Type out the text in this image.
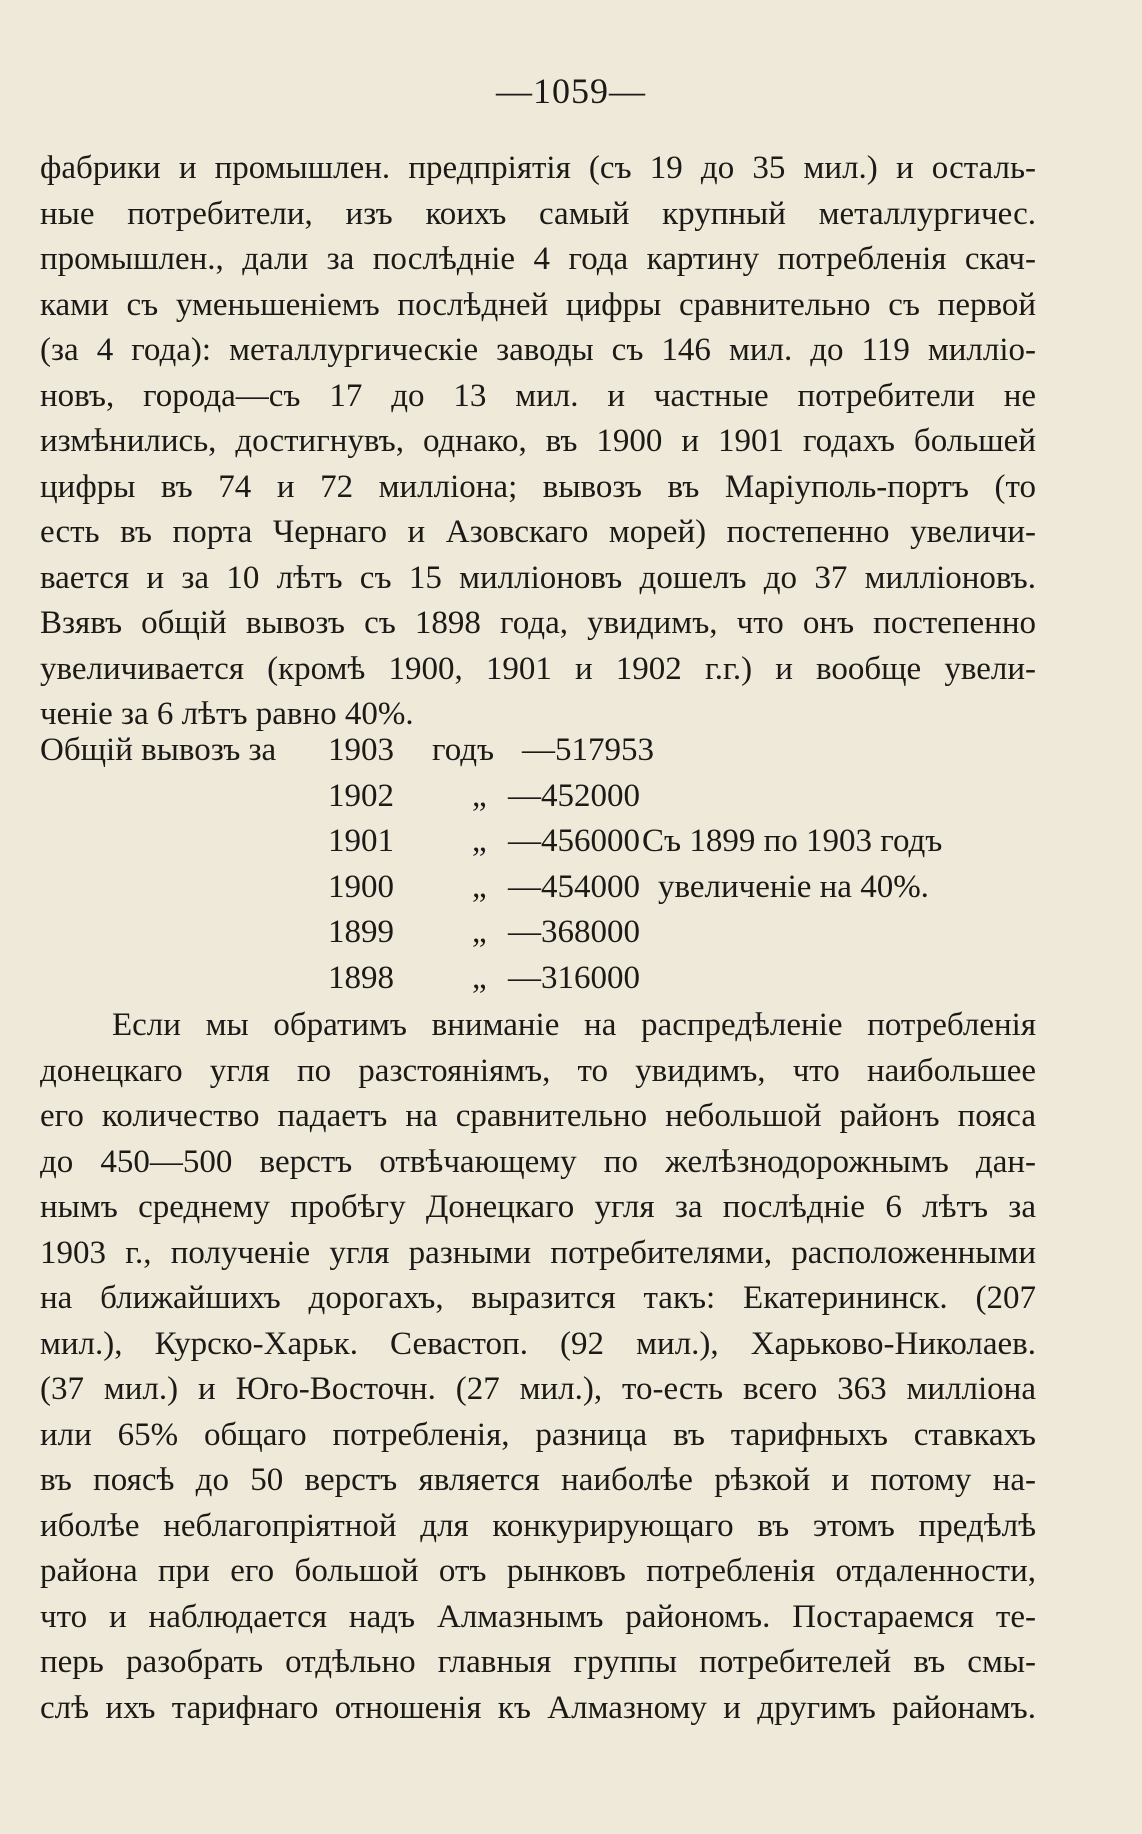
—1059—
фабрики и промышлен. предпріятія (съ 19 до 35 мил.) и осталь-
ные потребители, изъ коихъ самый крупный металлургичес.
промышлен., дали за послѣдніе 4 года картину потребленія скач-
ками съ уменьшеніемъ послѣдней цифры сравнительно съ первой
(за 4 года): металлургическіе заводы съ 146 мил. до 119 милліо-
новъ, города—съ 17 до 13 мил. и частные потребители не
измѣнились, достигнувъ, однако, въ 1900 и 1901 годахъ большей
цифры въ 74 и 72 милліона; вывозъ въ Маріуполь-портъ (то
есть въ порта Чернаго и Азовскаго морей) постепенно увеличи-
вается и за 10 лѣтъ съ 15 милліоновъ дошелъ до 37 милліоновъ.
Взявъ общій вывозъ съ 1898 года, увидимъ, что онъ постепенно
увеличивается (кромѣ 1900, 1901 и 1902 г.г.) и вообще увели-
ченіе за 6 лѣтъ равно 40%.
Общій вывозъ за 1903 годъ —517953
1902 „ —452000
1901 „ —456000 Съ 1899 по 1903 годъ
1900 „ —454000 увеличеніе на 40%.
1899 „ —368000
1898 „ —316000
Если мы обратимъ вниманіе на распредѣленіе потребленія
донецкаго угля по разстояніямъ, то увидимъ, что наибольшее
его количество падаетъ на сравнительно небольшой районъ пояса
до 450—500 верстъ отвѣчающему по желѣзнодорожнымъ дан-
нымъ среднему пробѣгу Донецкаго угля за послѣдніе 6 лѣтъ за
1903 г., полученіе угля разными потребителями, расположенными
на ближайшихъ дорогахъ, выразится такъ: Екатерининск. (207
мил.), Курско-Харьк. Севастоп. (92 мил.), Харьково-Николаев.
(37 мил.) и Юго-Восточн. (27 мил.), то-есть всего 363 милліона
или 65% общаго потребленія, разница въ тарифныхъ ставкахъ
въ поясѣ до 50 верстъ является наиболѣе рѣзкой и потому на-
иболѣе неблагопріятной для конкурирующаго въ этомъ предѣлѣ
района при его большой отъ рынковъ потребленія отдаленности,
что и наблюдается надъ Алмазнымъ райономъ. Постараемся те-
перь разобрать отдѣльно главныя группы потребителей въ смы-
слѣ ихъ тарифнаго отношенія къ Алмазному и другимъ районамъ.
